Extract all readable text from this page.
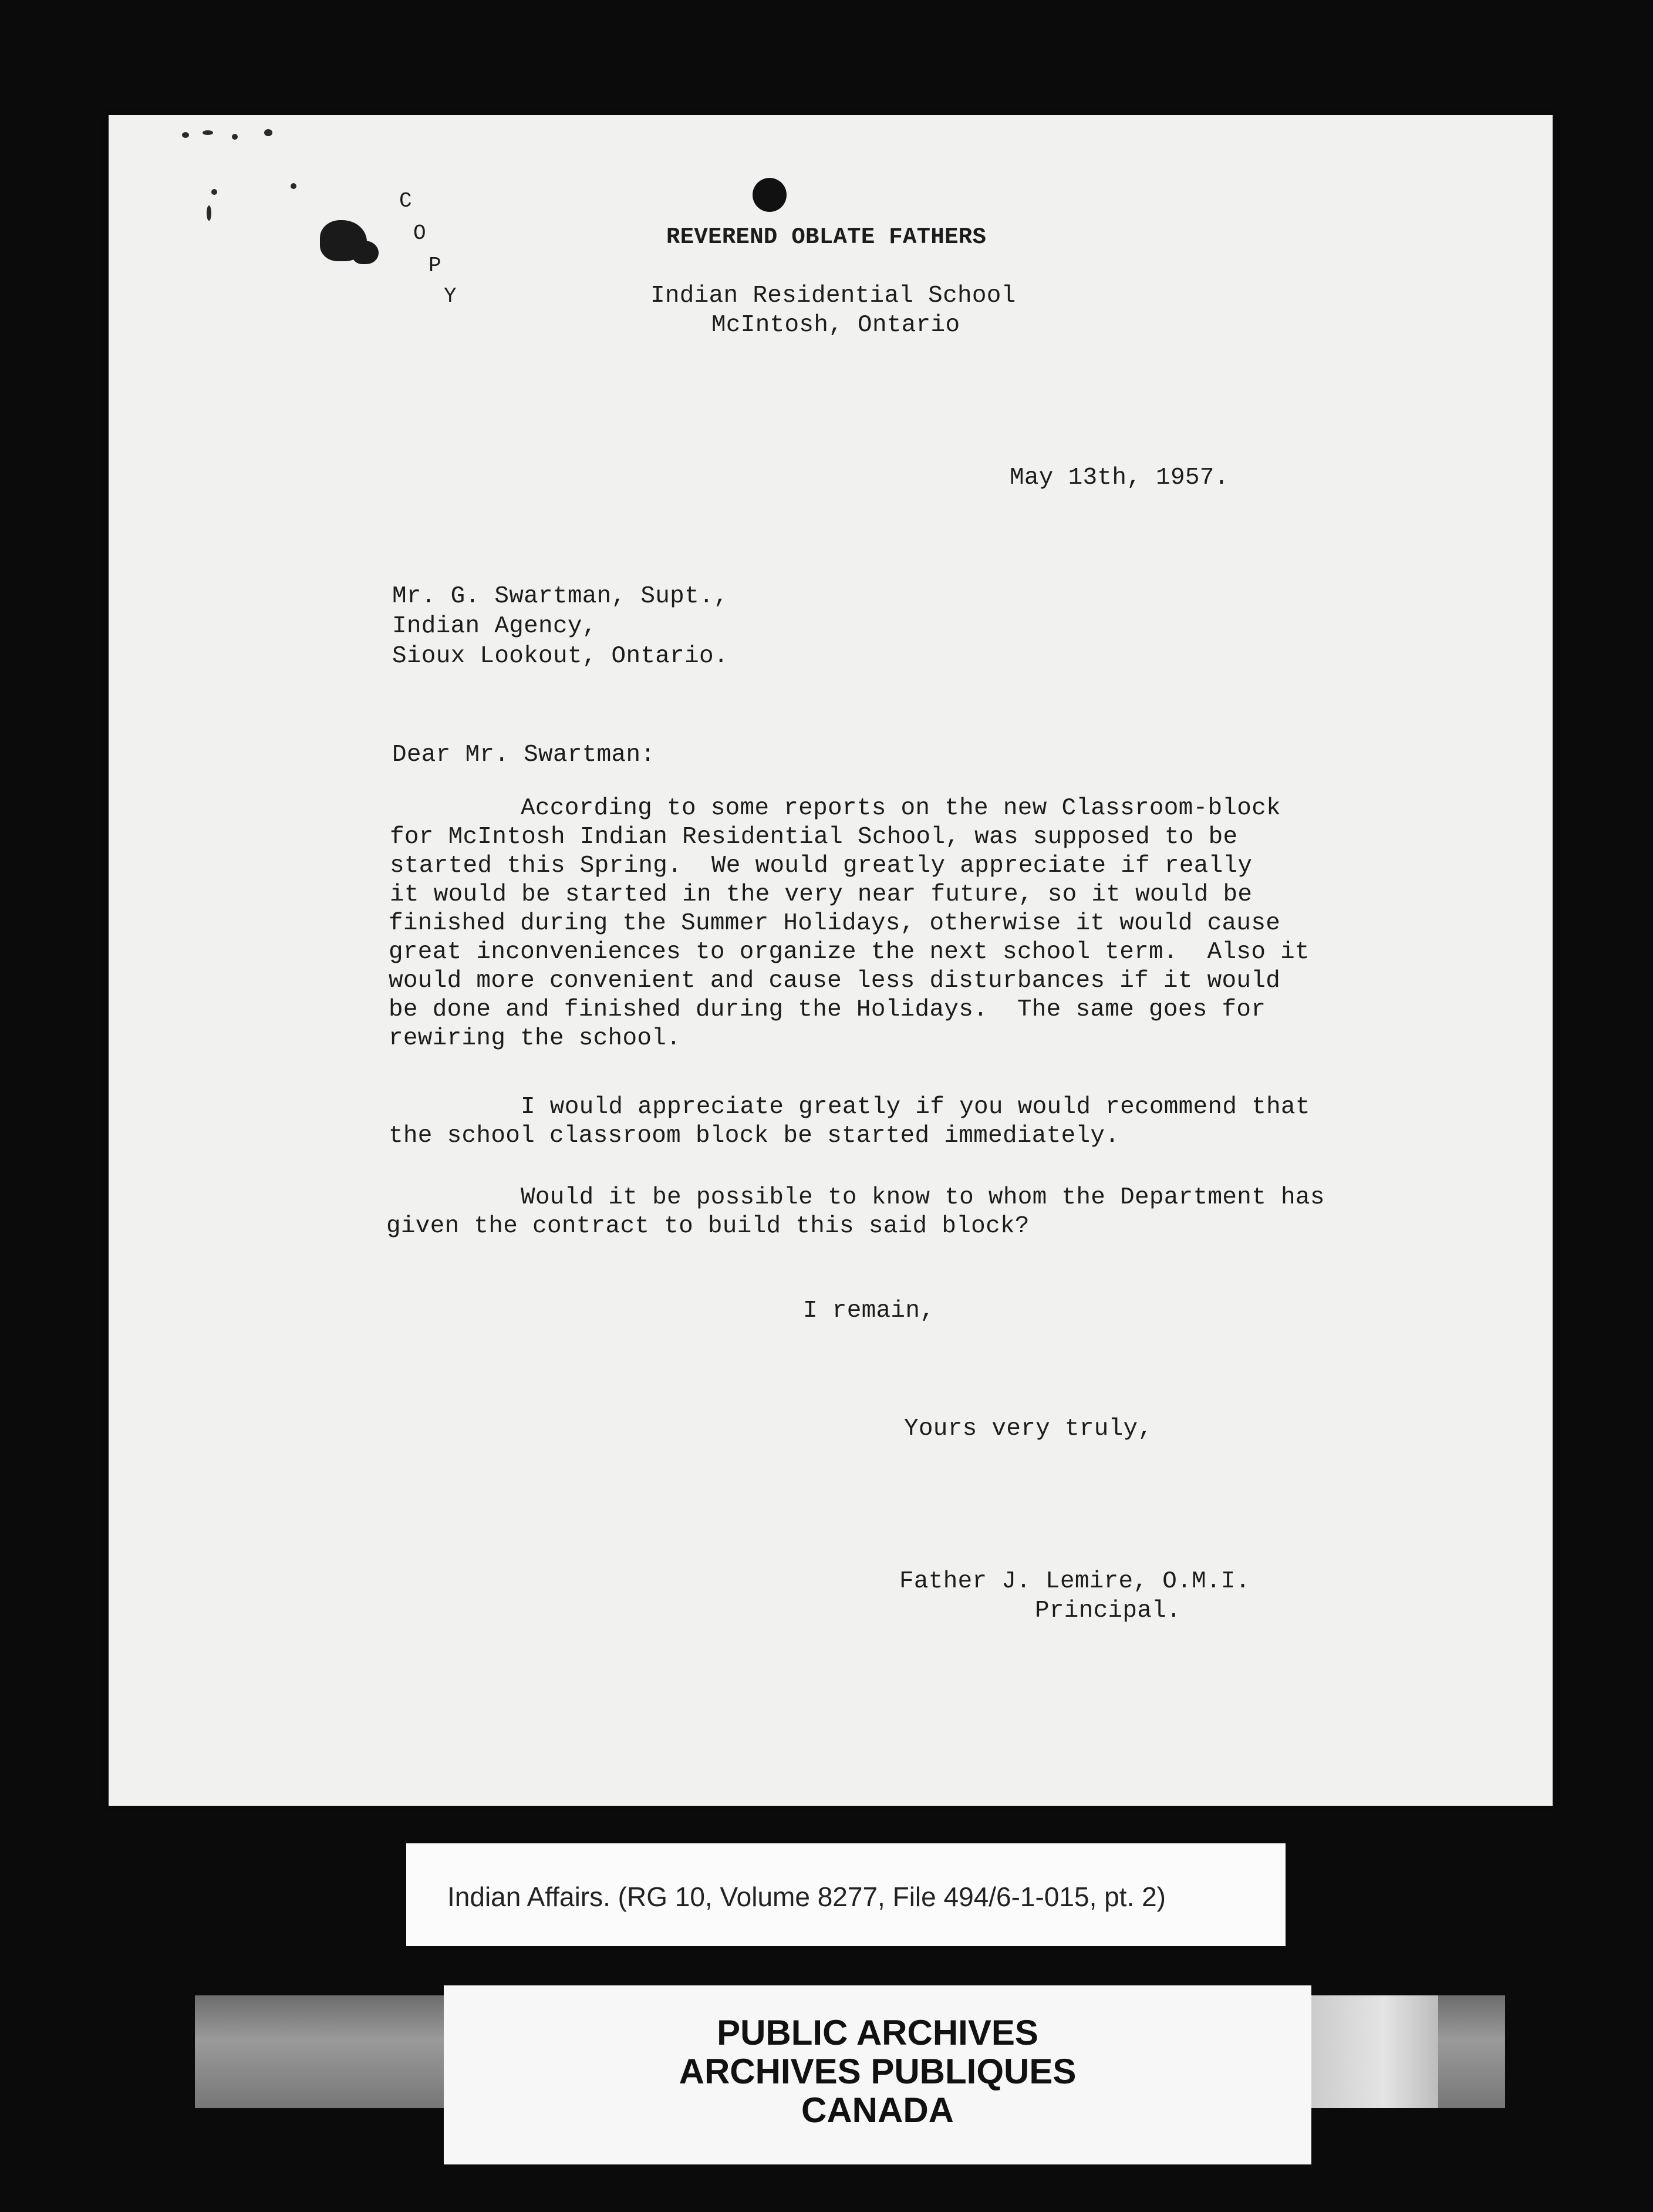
C
O
P
Y
REVEREND OBLATE FATHERS
Indian Residential School
McIntosh, Ontario
May 13th, 1957.
Mr. G. Swartman, Supt.,
Indian Agency,
Sioux Lookout, Ontario.
Dear Mr. Swartman:
According to some reports on the new Classroom-block
for McIntosh Indian Residential School, was supposed to be
started this Spring.  We would greatly appreciate if really
it would be started in the very near future, so it would be
finished during the Summer Holidays, otherwise it would cause
great inconveniences to organize the next school term.  Also it
would more convenient and cause less disturbances if it would
be done and finished during the Holidays.  The same goes for
rewiring the school.
I would appreciate greatly if you would recommend that
the school classroom block be started immediately.
Would it be possible to know to whom the Department has
given the contract to build this said block?
I remain,
Yours very truly,
Father J. Lemire, O.M.I.
Principal.
Indian Affairs. (RG 10, Volume 8277, File 494/6-1-015, pt. 2)
PUBLIC ARCHIVES
ARCHIVES PUBLIQUES
CANADA
